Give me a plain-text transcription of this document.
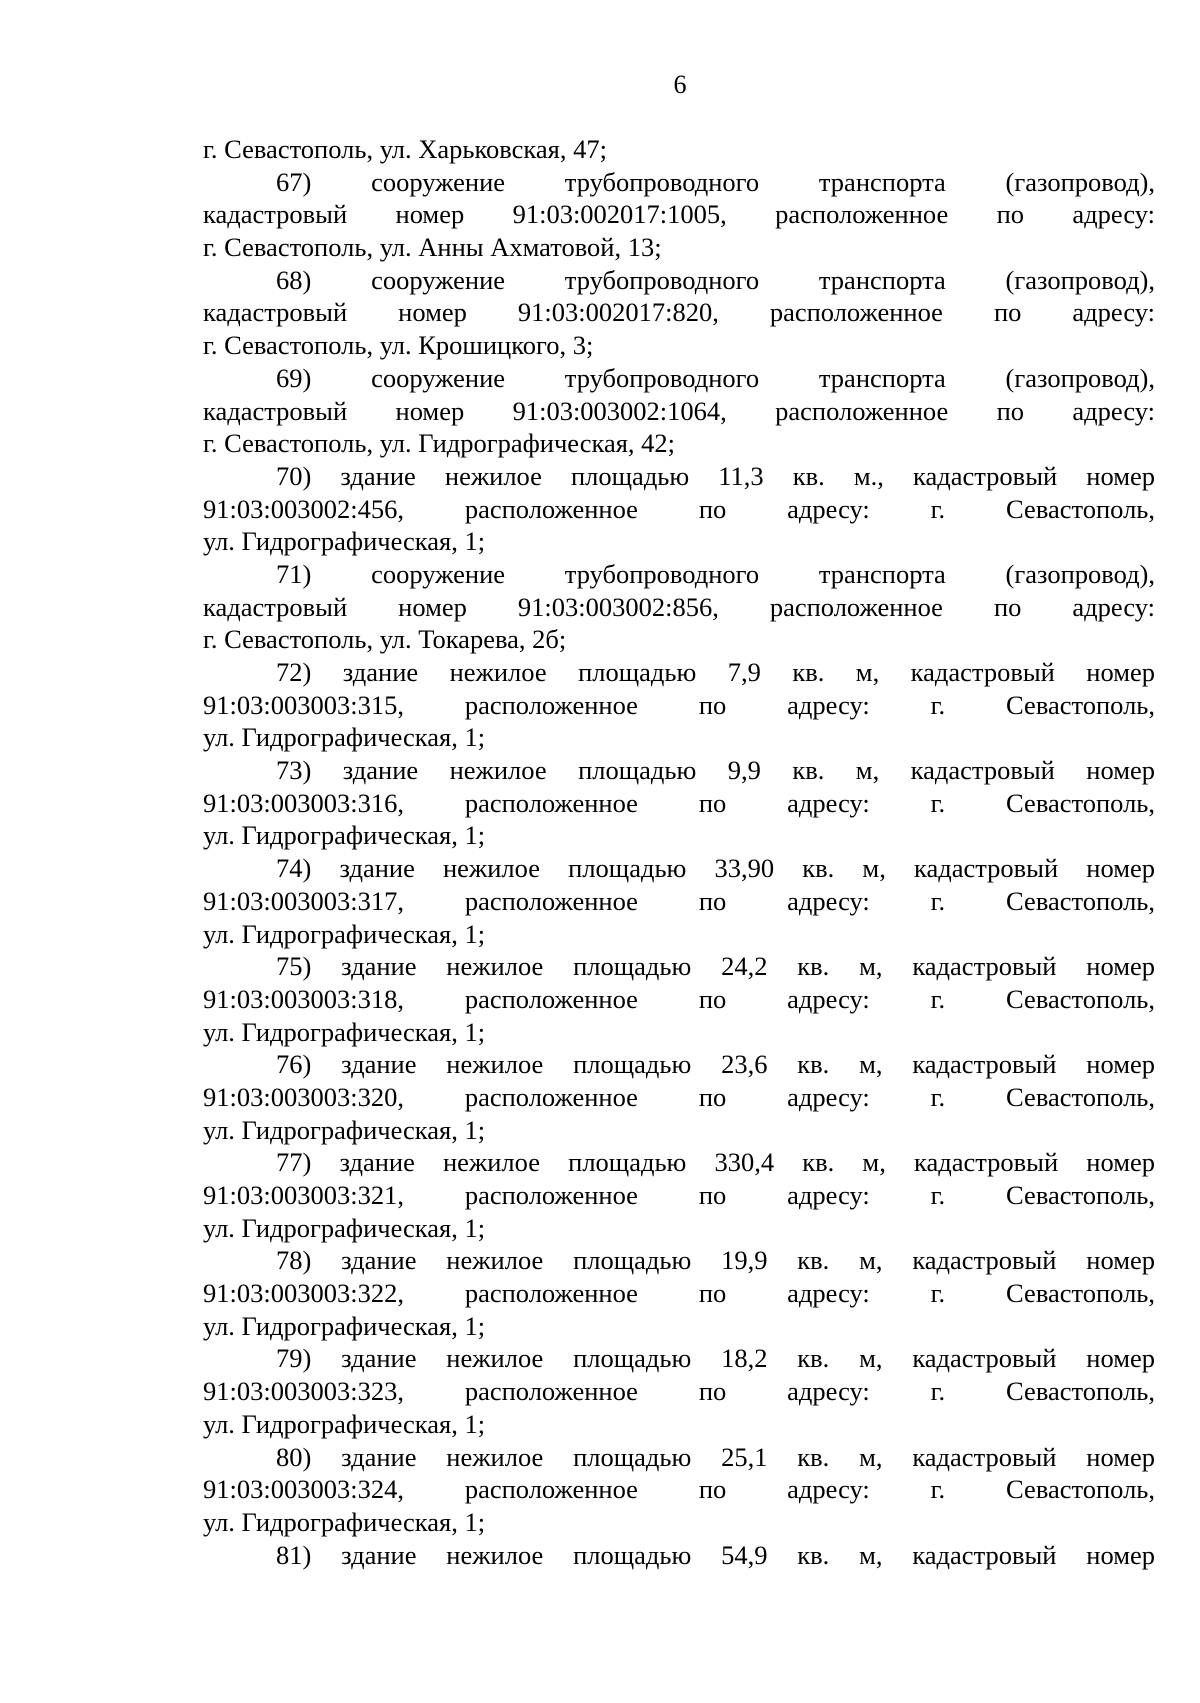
6
г. Севастополь, ул. Харьковская, 47;
67) сооружение трубопроводного транспорта (газопровод),
кадастровый номер 91:03:002017:1005, расположенное по адресу:
г. Севастополь, ул. Анны Ахматовой, 13;
68) сооружение трубопроводного транспорта (газопровод),
кадастровый номер 91:03:002017:820, расположенное по адресу:
г. Севастополь, ул. Крошицкого, 3;
69) сооружение трубопроводного транспорта (газопровод),
кадастровый номер 91:03:003002:1064, расположенное по адресу:
г. Севастополь, ул. Гидрографическая, 42;
70) здание нежилое площадью 11,3 кв. м., кадастровый номер
91:03:003002:456, расположенное по адресу: г. Севастополь,
ул. Гидрографическая, 1;
71) сооружение трубопроводного транспорта (газопровод),
кадастровый номер 91:03:003002:856, расположенное по адресу:
г. Севастополь, ул. Токарева, 2б;
72) здание нежилое площадью 7,9 кв. м, кадастровый номер
91:03:003003:315, расположенное по адресу: г. Севастополь,
ул. Гидрографическая, 1;
73) здание нежилое площадью 9,9 кв. м, кадастровый номер
91:03:003003:316, расположенное по адресу: г. Севастополь,
ул. Гидрографическая, 1;
74) здание нежилое площадью 33,90 кв. м, кадастровый номер
91:03:003003:317, расположенное по адресу: г. Севастополь,
ул. Гидрографическая, 1;
75) здание нежилое площадью 24,2 кв. м, кадастровый номер
91:03:003003:318, расположенное по адресу: г. Севастополь,
ул. Гидрографическая, 1;
76) здание нежилое площадью 23,6 кв. м, кадастровый номер
91:03:003003:320, расположенное по адресу: г. Севастополь,
ул. Гидрографическая, 1;
77) здание нежилое площадью 330,4 кв. м, кадастровый номер
91:03:003003:321, расположенное по адресу: г. Севастополь,
ул. Гидрографическая, 1;
78) здание нежилое площадью 19,9 кв. м, кадастровый номер
91:03:003003:322, расположенное по адресу: г. Севастополь,
ул. Гидрографическая, 1;
79) здание нежилое площадью 18,2 кв. м, кадастровый номер
91:03:003003:323, расположенное по адресу: г. Севастополь,
ул. Гидрографическая, 1;
80) здание нежилое площадью 25,1 кв. м, кадастровый номер
91:03:003003:324, расположенное по адресу: г. Севастополь,
ул. Гидрографическая, 1;
81) здание нежилое площадью 54,9 кв. м, кадастровый номер
